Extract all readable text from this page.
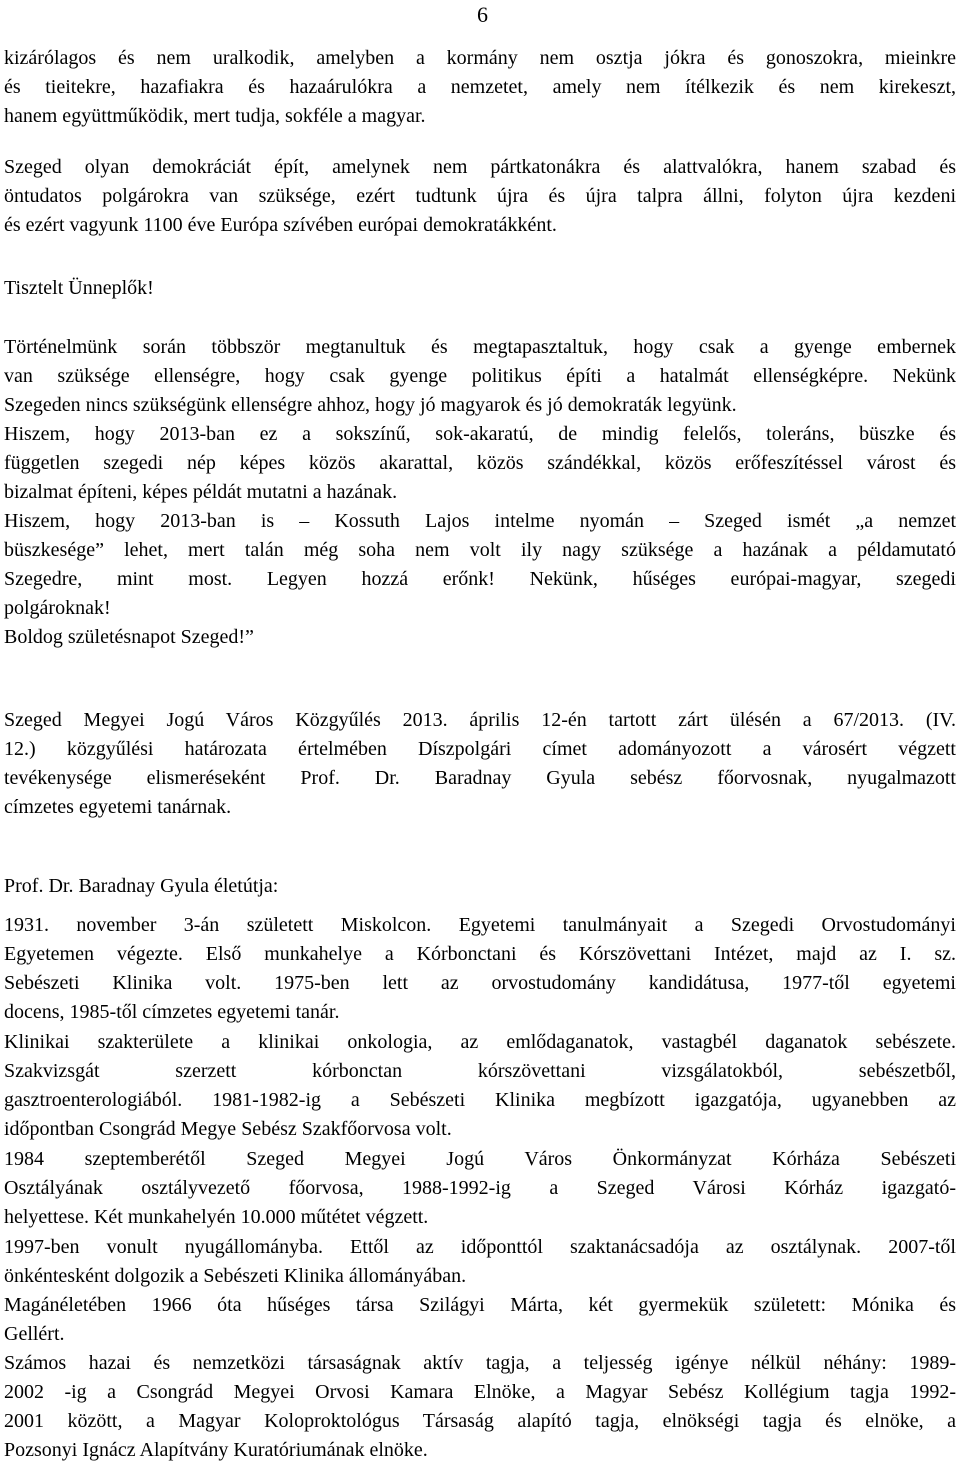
6
kizárólagos és nem uralkodik, amelyben a kormány nem osztja jókra és gonoszokra, mieinkre
és tieitekre, hazafiakra és hazaárulókra a nemzetet, amely nem ítélkezik és nem kirekeszt,
hanem együttműködik, mert tudja, sokféle a magyar.
Szeged olyan demokráciát épít, amelynek nem pártkatonákra és alattvalókra, hanem szabad és
öntudatos polgárokra van szüksége, ezért tudtunk újra és újra talpra állni, folyton újra kezdeni
és ezért vagyunk 1100 éve Európa szívében európai demokratákként.
Tisztelt Ünneplők!
Történelmünk során többször megtanultuk és megtapasztaltuk, hogy csak a gyenge embernek
van szüksége ellenségre, hogy csak gyenge politikus építi a hatalmát ellenségképre. Nekünk
Szegeden nincs szükségünk ellenségre ahhoz, hogy jó magyarok és jó demokraták legyünk.
Hiszem, hogy 2013-ban ez a sokszínű, sok-akaratú, de mindig felelős, toleráns, büszke és
független szegedi nép képes közös akarattal, közös szándékkal, közös erőfeszítéssel várost és
bizalmat építeni, képes példát mutatni a hazának.
Hiszem, hogy 2013-ban is – Kossuth Lajos intelme nyomán – Szeged ismét „a nemzet
büszkesége” lehet, mert talán még soha nem volt ily nagy szüksége a hazának a példamutató
Szegedre, mint most. Legyen hozzá erőnk! Nekünk, hűséges európai-magyar, szegedi
polgároknak!
Boldog születésnapot Szeged!”
Szeged Megyei Jogú Város Közgyűlés 2013. április 12-én tartott zárt ülésén a 67/2013. (IV.
12.) közgyűlési határozata értelmében Díszpolgári címet adományozott a városért végzett
tevékenysége elismeréseként Prof. Dr. Baradnay Gyula sebész főorvosnak, nyugalmazott
címzetes egyetemi tanárnak.
Prof. Dr. Baradnay Gyula életútja:
1931. november 3-án született Miskolcon. Egyetemi tanulmányait a Szegedi Orvostudományi
Egyetemen végezte. Első munkahelye a Kórbonctani és Kórszövettani Intézet, majd az I. sz.
Sebészeti Klinika volt. 1975-ben lett az orvostudomány kandidátusa, 1977-től egyetemi
docens, 1985-től címzetes egyetemi tanár.
Klinikai szakterülete a klinikai onkologia, az emlődaganatok, vastagbél daganatok sebészete.
Szakvizsgát szerzett kórbonctan kórszövettani vizsgálatokból, sebészetből,
gasztroenterologiából. 1981-1982-ig a Sebészeti Klinika megbízott igazgatója, ugyanebben az
időpontban Csongrád Megye Sebész Szakfőorvosa volt.
1984 szeptemberétől Szeged Megyei Jogú Város Önkormányzat Kórháza Sebészeti
Osztályának osztályvezető főorvosa, 1988-1992-ig a Szeged Városi Kórház igazgató-
helyettese. Két munkahelyén 10.000 műtétet végzett.
1997-ben vonult nyugállományba. Ettől az időponttól szaktanácsadója az osztálynak. 2007-től
önkéntesként dolgozik a Sebészeti Klinika állományában.
Magánéletében 1966 óta hűséges társa Szilágyi Márta, két gyermekük született: Mónika és
Gellért.
Számos hazai és nemzetközi társaságnak aktív tagja, a teljesség igénye nélkül néhány: 1989-
2002 -ig a Csongrád Megyei Orvosi Kamara Elnöke, a Magyar Sebész Kollégium tagja 1992-
2001 között, a Magyar Koloproktológus Társaság alapító tagja, elnökségi tagja és elnöke, a
Pozsonyi Ignácz Alapítvány Kuratóriumának elnöke.
